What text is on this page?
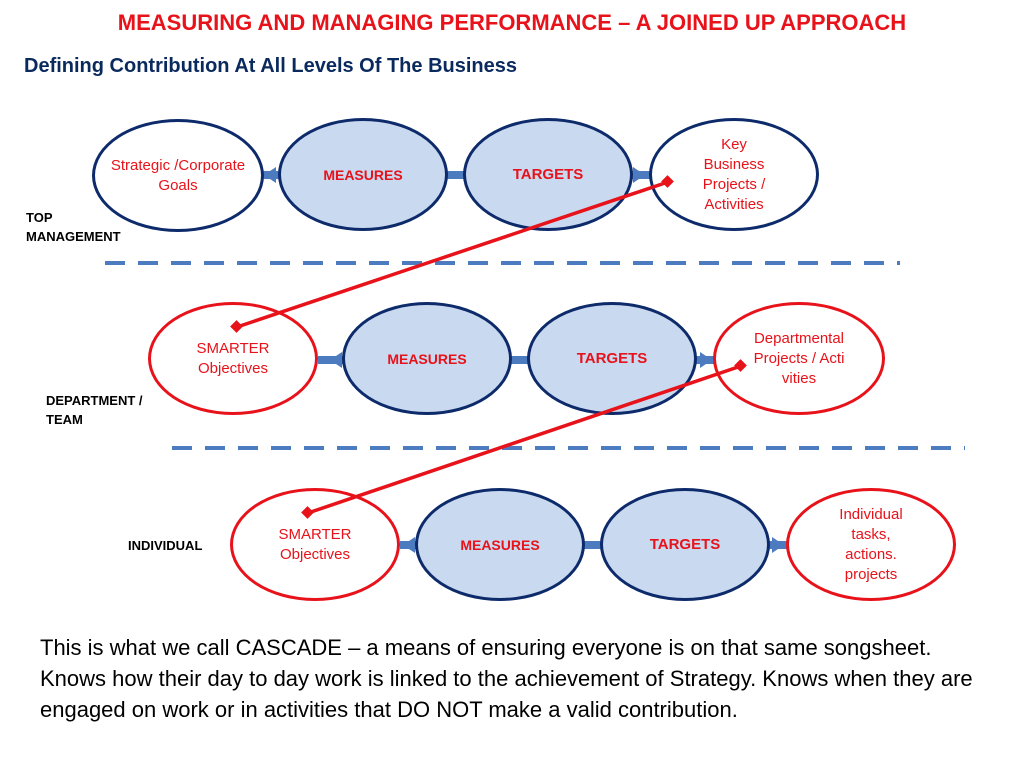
MEASURING AND MANAGING PERFORMANCE – A JOINED UP APPROACH
Defining Contribution At All Levels Of The Business
TOP
MANAGEMENT
DEPARTMENT /
TEAM
INDIVIDUAL
Strategic /Corporate Goals
MEASURES	TARGETS
Key Business Projects / Activities
SMARTER Objectives
MEASURES	TARGETS
Departmental Projects / Activities
SMARTER Objectives
MEASURES	TARGETS
Individual tasks, actions. projects
This is what we call CASCADE – a means of ensuring everyone is on that same songsheet. Knows how their day to day work is linked to the achievement of Strategy. Knows when they are engaged on work or in activities that DO NOT make a valid contribution.
